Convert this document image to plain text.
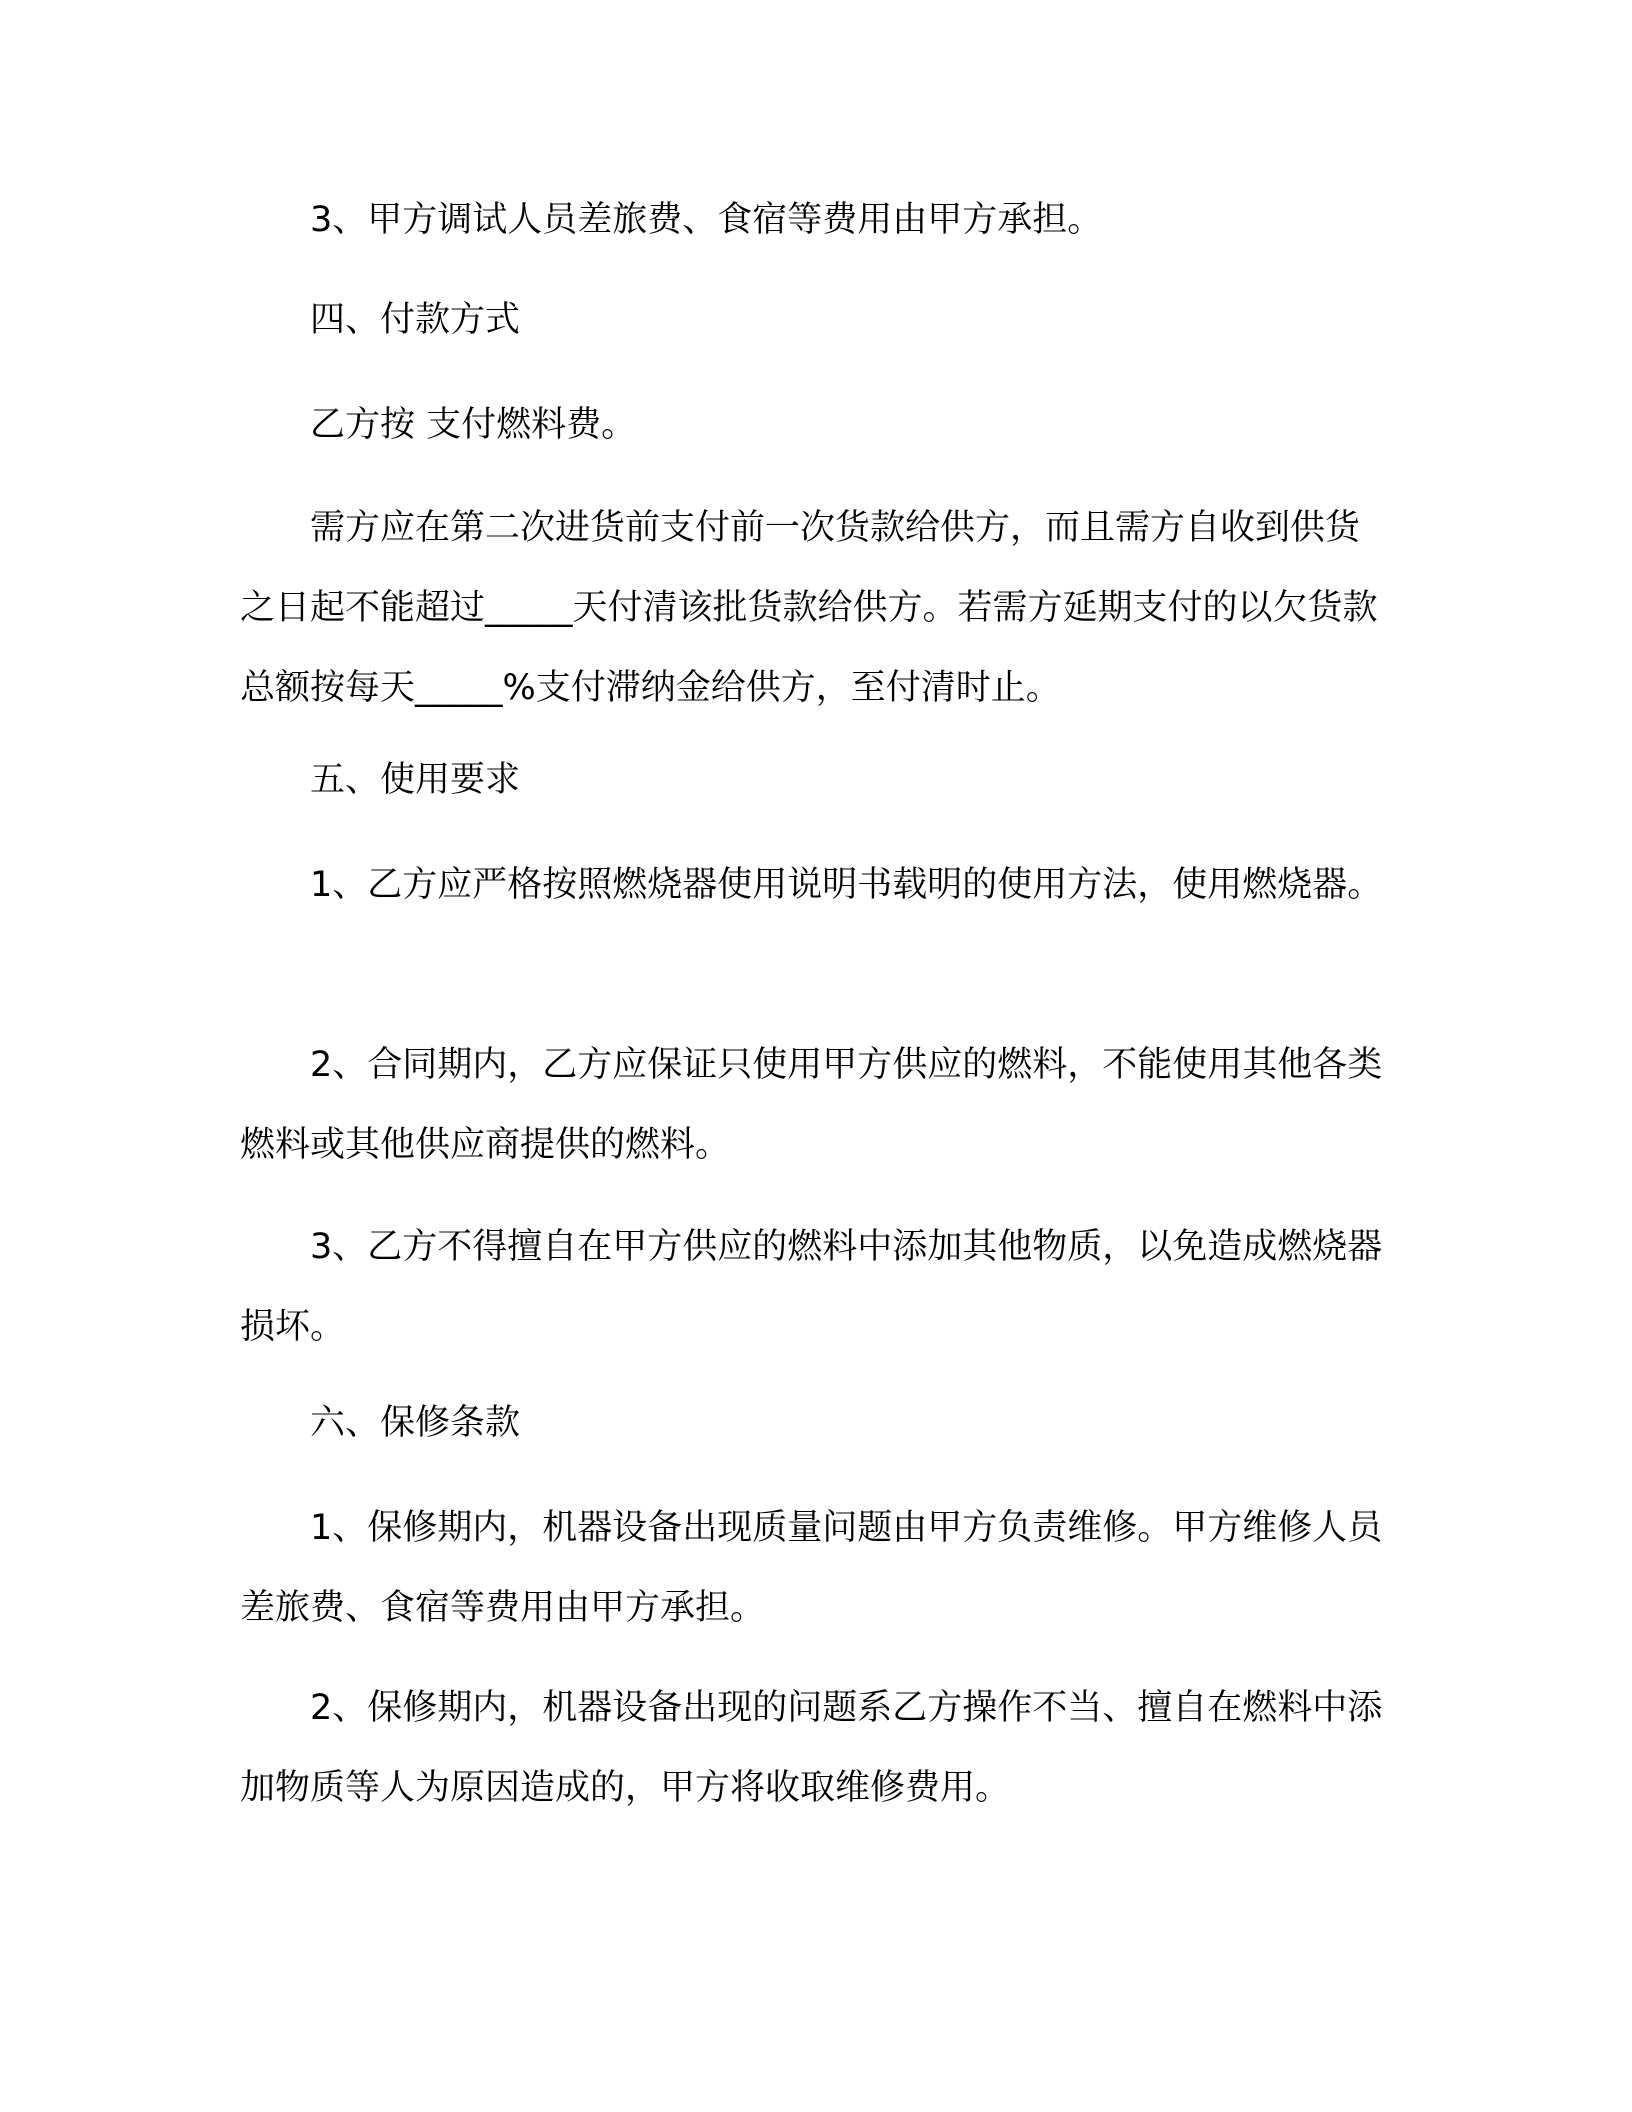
3、甲方调试人员差旅费、食宿等费用由甲方承担。

四、付款方式

乙方按 支付燃料费。

需方应在第二次进货前支付前一次货款给供方，而且需方自收到供货之日起不能超过_____天付清该批货款给供方。若需方延期支付的以欠货款总额按每天_____%支付滞纳金给供方，至付清时止。

五、使用要求

1、乙方应严格按照燃烧器使用说明书载明的使用方法，使用燃烧器。

2、合同期内，乙方应保证只使用甲方供应的燃料，不能使用其他各类燃料或其他供应商提供的燃料。

3、乙方不得擅自在甲方供应的燃料中添加其他物质，以免造成燃烧器损坏。

六、保修条款

1、保修期内，机器设备出现质量问题由甲方负责维修。甲方维修人员差旅费、食宿等费用由甲方承担。

2、保修期内，机器设备出现的问题系乙方操作不当、擅自在燃料中添加物质等人为原因造成的，甲方将收取维修费用。
